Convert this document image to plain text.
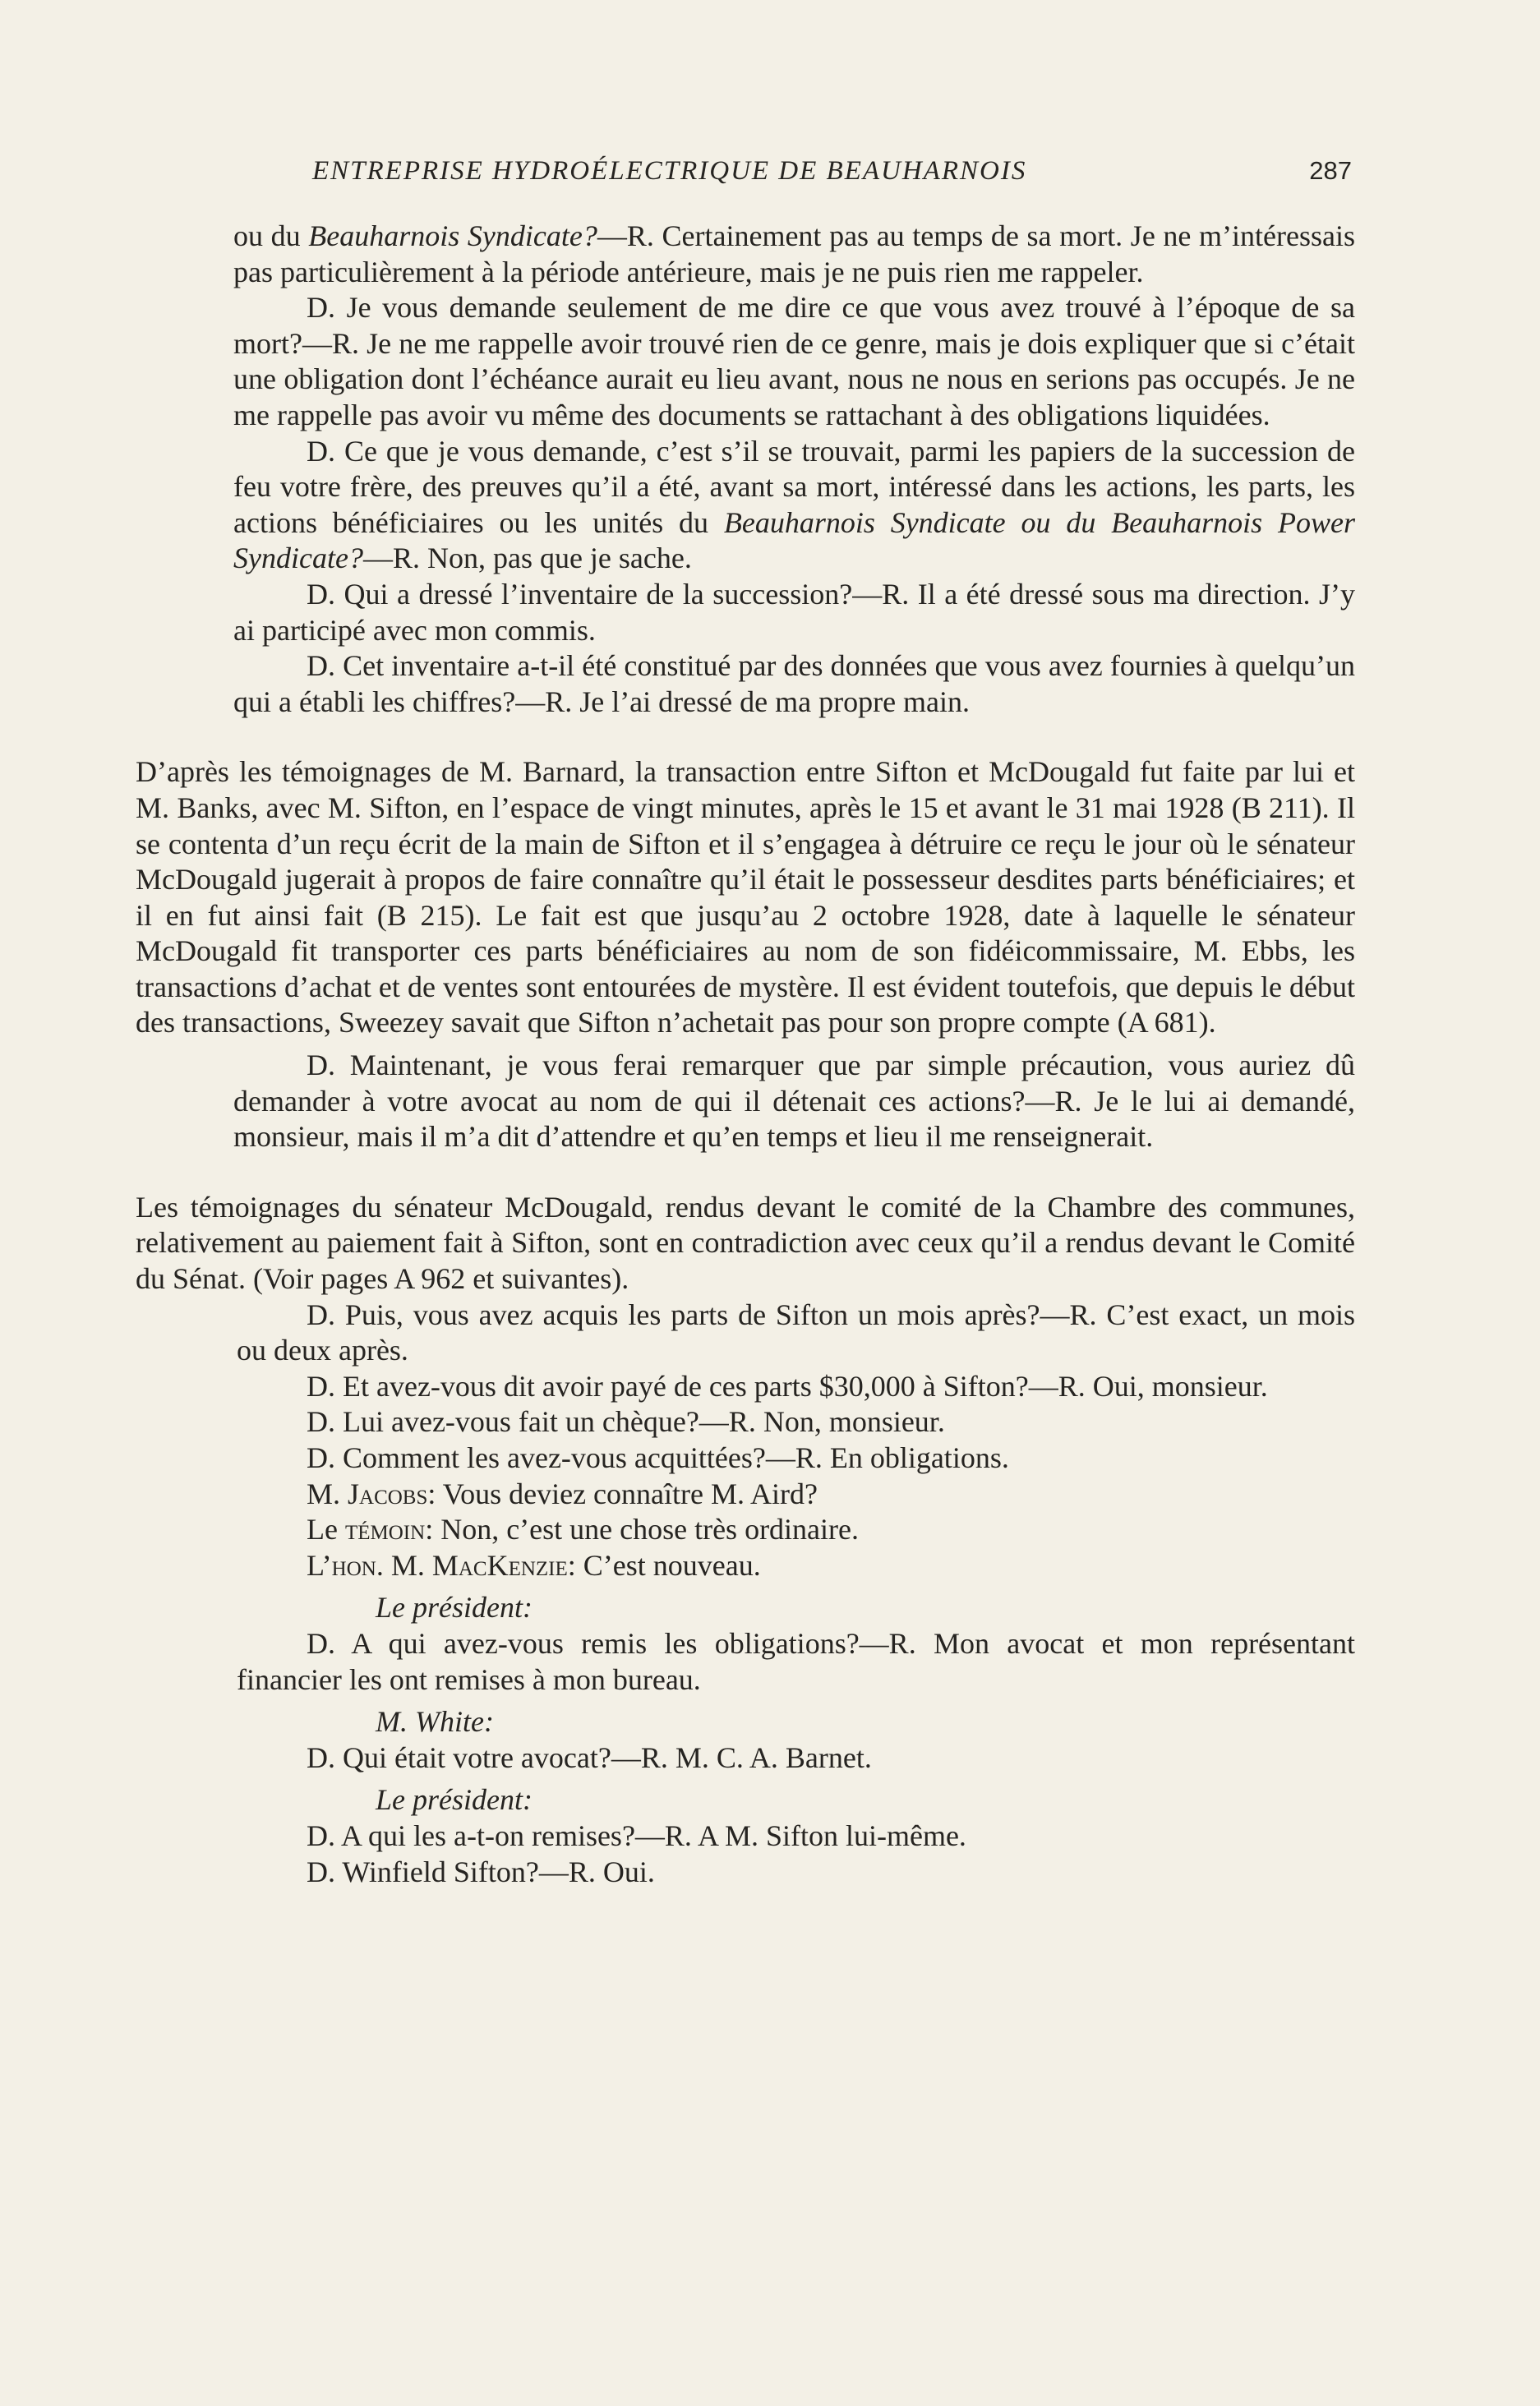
ENTREPRISE HYDROÉLECTRIQUE DE BEAUHARNOIS	287

ou du Beauharnois Syndicate?—R. Certainement pas au temps de sa mort. Je ne m’intéressais pas particulièrement à la période antérieure, mais je ne puis rien me rappeler.

D. Je vous demande seulement de me dire ce que vous avez trouvé à l’époque de sa mort?—R. Je ne me rappelle avoir trouvé rien de ce genre, mais je dois expliquer que si c’était une obligation dont l’échéance aurait eu lieu avant, nous ne nous en serions pas occupés. Je ne me rappelle pas avoir vu même des documents se rattachant à des obligations liquidées.

D. Ce que je vous demande, c’est s’il se trouvait, parmi les papiers de la succession de feu votre frère, des preuves qu’il a été, avant sa mort, intéressé dans les actions, les parts, les actions bénéficiaires ou les unités du Beauharnois Syndicate ou du Beauharnois Power Syndicate?—R. Non, pas que je sache.

D. Qui a dressé l’inventaire de la succession?—R. Il a été dressé sous ma direction. J’y ai participé avec mon commis.

D. Cet inventaire a-t-il été constitué par des données que vous avez fournies à quelqu’un qui a établi les chiffres?—R. Je l’ai dressé de ma propre main.

D’après les témoignages de M. Barnard, la transaction entre Sifton et McDougald fut faite par lui et M. Banks, avec M. Sifton, en l’espace de vingt minutes, après le 15 et avant le 31 mai 1928 (B 211). Il se contenta d’un reçu écrit de la main de Sifton et il s’engagea à détruire ce reçu le jour où le sénateur McDougald jugerait à propos de faire connaître qu’il était le possesseur desdites parts bénéficiaires; et il en fut ainsi fait (B 215). Le fait est que jusqu’au 2 octobre 1928, date à laquelle le sénateur McDougald fit transporter ces parts bénéficiaires au nom de son fidéicommissaire, M. Ebbs, les transactions d’achat et de ventes sont entourées de mystère. Il est évident toutefois, que depuis le début des transactions, Sweezey savait que Sifton n’achetait pas pour son propre compte (A 681).

D. Maintenant, je vous ferai remarquer que par simple précaution, vous auriez dû demander à votre avocat au nom de qui il détenait ces actions?—R. Je le lui ai demandé, monsieur, mais il m’a dit d’attendre et qu’en temps et lieu il me renseignerait.

Les témoignages du sénateur McDougald, rendus devant le comité de la Chambre des communes, relativement au paiement fait à Sifton, sont en contradiction avec ceux qu’il a rendus devant le Comité du Sénat. (Voir pages A 962 et suivantes).

D. Puis, vous avez acquis les parts de Sifton un mois après?—R. C’est exact, un mois ou deux après.

D. Et avez-vous dit avoir payé de ces parts $30,000 à Sifton?—R. Oui, monsieur.

D. Lui avez-vous fait un chèque?—R. Non, monsieur.

D. Comment les avez-vous acquittées?—R. En obligations.

M. Jacobs: Vous deviez connaître M. Aird?

Le témoin: Non, c’est une chose très ordinaire.

L’hon. M. MacKenzie: C’est nouveau.

Le président:

D. A qui avez-vous remis les obligations?—R. Mon avocat et mon représentant financier les ont remises à mon bureau.

M. White:

D. Qui était votre avocat?—R. M. C. A. Barnet.

Le président:

D. A qui les a-t-on remises?—R. A M. Sifton lui-même.

D. Winfield Sifton?—R. Oui.
